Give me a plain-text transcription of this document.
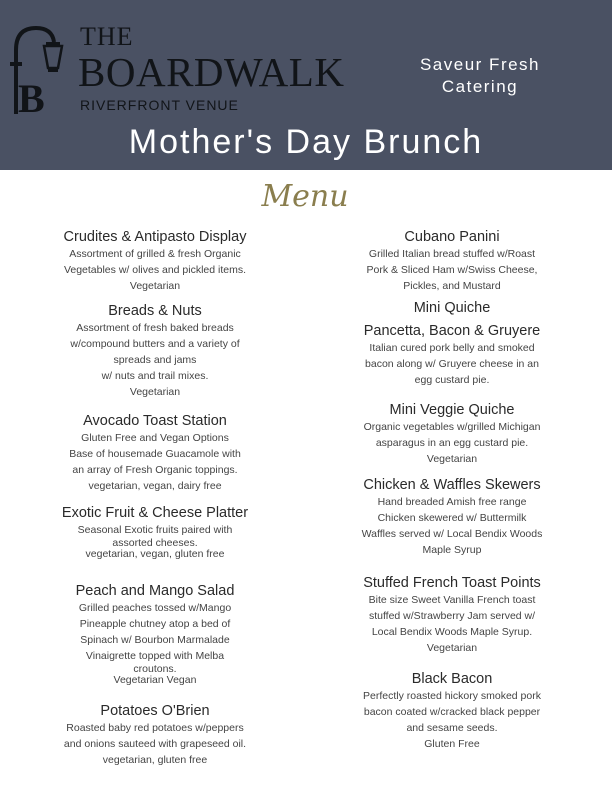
B
THE
BOARDWALK
RIVERFRONT VENUE
Saveur Fresh
Catering
Mother's Day Brunch
Menu
Crudites & Antipasto Display
Assortment of grilled & fresh Organic
Vegetables w/ olives and pickled items.
Vegetarian
Breads & Nuts
Assortment of fresh baked breads
w/compound butters and a variety of
spreads and jams
w/ nuts and trail mixes.
Vegetarian
Avocado Toast Station
Gluten Free and Vegan Options
Base of housemade Guacamole with
an array of Fresh Organic toppings.
vegetarian, vegan, dairy free
Exotic Fruit & Cheese Platter
Seasonal Exotic fruits paired with
assorted cheeses.
vegetarian, vegan, gluten free
Peach and Mango Salad
Grilled peaches tossed w/Mango
Pineapple chutney atop a bed of
Spinach w/ Bourbon Marmalade
Vinaigrette topped with Melba
croutons.
Vegetarian Vegan
Potatoes O'Brien
Roasted baby red potatoes w/peppers
and onions sauteed with grapeseed oil.
vegetarian, gluten free
Cubano Panini
Grilled Italian bread stuffed w/Roast
Pork & Sliced Ham w/Swiss Cheese,
Pickles, and Mustard
Mini Quiche
Pancetta, Bacon & Gruyere
Italian cured pork belly and smoked
bacon along w/ Gruyere cheese in an
egg custard pie.
Mini Veggie Quiche
Organic vegetables w/grilled Michigan
asparagus in an egg custard pie.
Vegetarian
Chicken & Waffles Skewers
Hand breaded Amish free range
Chicken skewered w/ Buttermilk
Waffles served w/ Local Bendix Woods
Maple Syrup
Stuffed French Toast Points
Bite size Sweet Vanilla French toast
stuffed w/Strawberry Jam served w/
Local Bendix Woods Maple Syrup.
Vegetarian
Black Bacon
Perfectly roasted hickory smoked pork
bacon coated w/cracked black pepper
and sesame seeds.
Gluten Free
